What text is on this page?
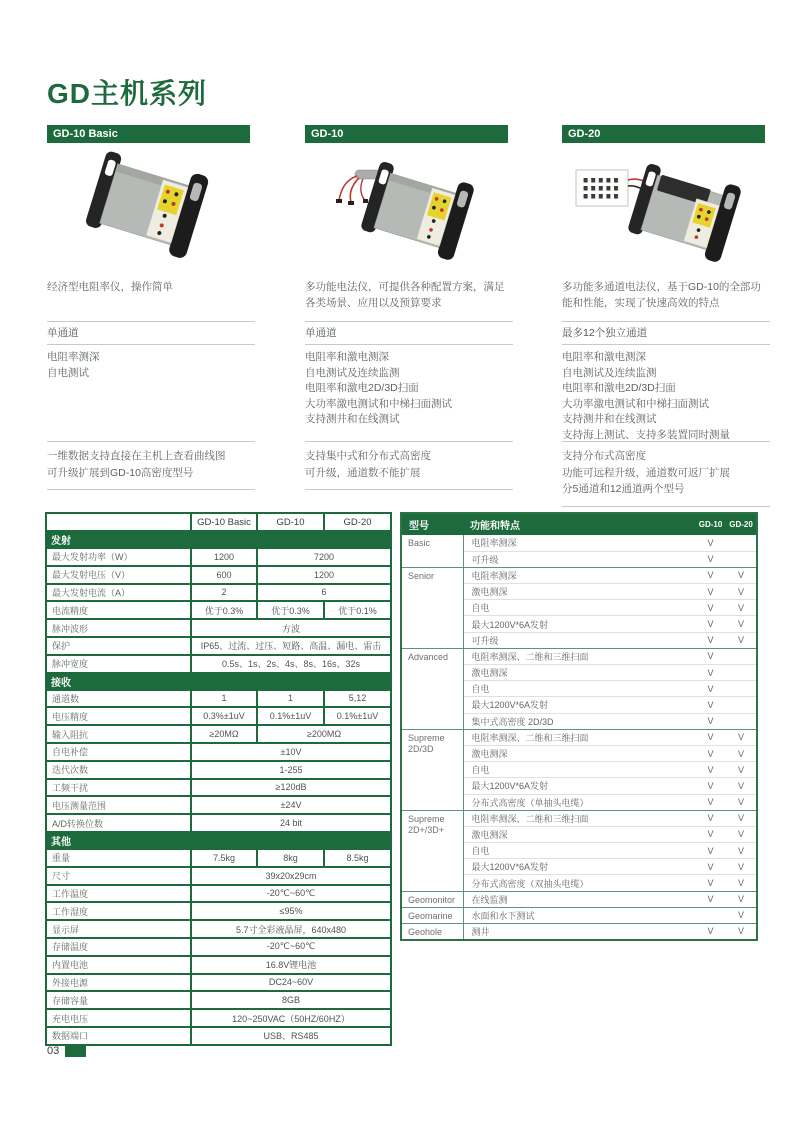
GD主机系列
GD-10 Basic
经济型电阻率仪，操作简单
单通道
电阻率测深
自电测试
一维数据支持直接在主机上查看曲线图
可升级扩展到GD-10高密度型号
GD-10
多功能电法仪，可提供各种配置方案，满足各类场景、应用以及预算要求
单通道
电阻率和激电测深
自电测试及连续监测
电阻率和激电2D/3D扫面
大功率激电测试和中梯扫面测试
支持测井和在线测试
支持集中式和分布式高密度
可升级，通道数不能扩展
GD-20
多功能多通道电法仪，基于GD-10的全部功能和性能，实现了快速高效的特点
最多12个独立通道
电阻率和激电测深
自电测试及连续监测
电阻率和激电2D/3D扫面
大功率激电测试和中梯扫面测试
支持测井和在线测试
支持海上测试、支持多装置同时测量
支持分布式高密度
功能可远程升级，通道数可返厂扩展
分5通道和12通道两个型号
	GD-10 Basic	GD-10	GD-20
发射			
最大发射功率（W）	1200	7200	
最大发射电压（V）	600	1200	
最大发射电流（A）	2	6	
电流精度	优于0.3%	优于0.3%	优于0.1%
脉冲波形	方波		
保护	IP65、过流、过压、短路、高温、漏电、雷击		
脉冲宽度	0.5s、1s、2s、4s、8s、16s、32s		
接收			
通道数	1	1	5,12
电压精度	0.3%±1uV	0.1%±1uV	0.1%±1uV
输入阻抗	≥20MΩ	≥200MΩ	
自电补偿	±10V		
迭代次数	1-255		
工频干扰	≥120dB		
电压测量范围	±24V		
A/D转换位数	24 bit		
其他			
重量	7.5kg	8kg	8.5kg
尺寸	39x20x29cm		
工作温度	-20℃~60℃		
工作湿度	≤95%		
显示屏	5.7寸全彩液晶屏，640x480		
存储温度	-20℃~60℃		
内置电池	16.8V锂电池		
外接电源	DC24~60V		
存储容量	8GB		
充电电压	120~250VAC（50HZ/60HZ）		
数据端口	USB、RS485		
型号	功能和特点	GD-10	GD-20
Basic	电阻率测深	V	
	可升级	V	
Senior	电阻率测深	V	V
	激电测深	V	V
	自电	V	V
	最大1200V*6A发射	V	V
	可升级	V	V
Advanced	电阻率测深、二维和三维扫面	V	
	激电测深	V	
	自电	V	
	最大1200V*6A发射	V	
	集中式高密度 2D/3D	V	
Supreme 2D/3D	电阻率测深、二维和三维扫面	V	V
	激电测深	V	V
	自电	V	V
	最大1200V*6A发射	V	V
	分布式高密度（单抽头电缆）	V	V
Supreme 2D+/3D+	电阻率测深、二维和三维扫面	V	V
	激电测深	V	V
	自电	V	V
	最大1200V*6A发射	V	V
	分布式高密度（双抽头电缆）	V	V
Geomonitor	在线监测	V	V
Geomarine	水面和水下测试		V
Geohole	测井	V	V
03
